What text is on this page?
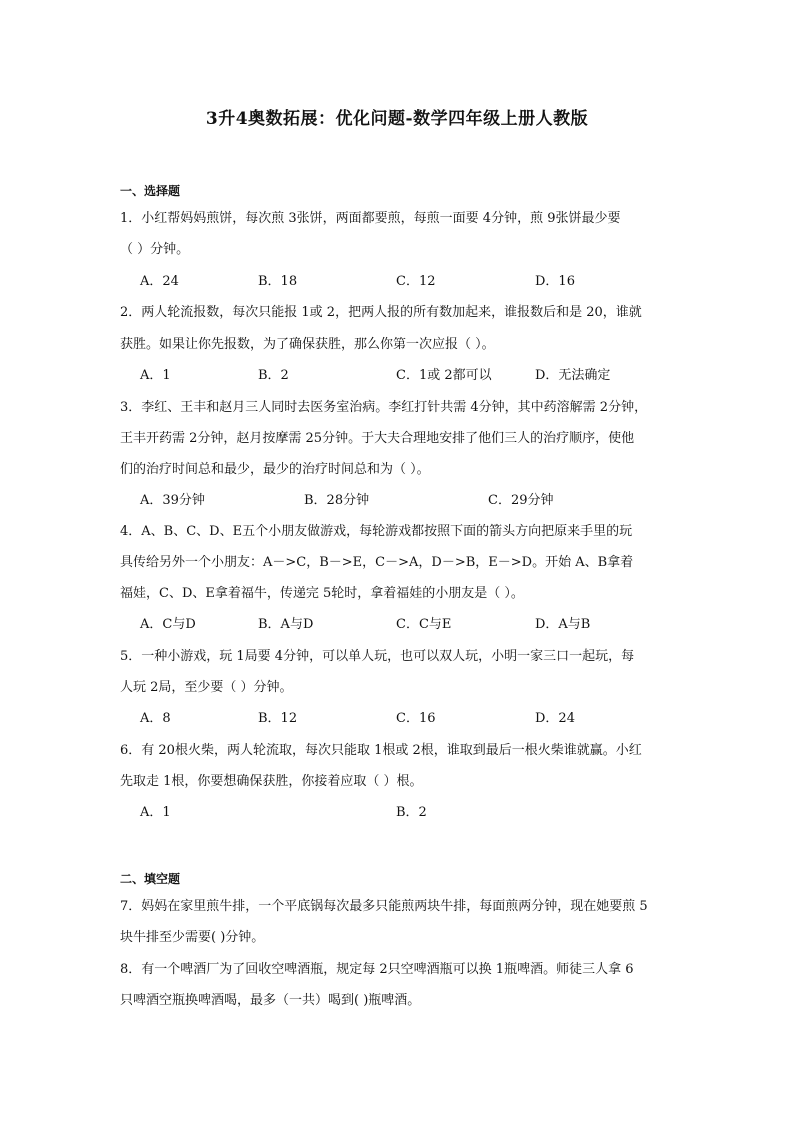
3升4奥数拓展：优化问题-数学四年级上册人教版
一、选择题
1．小红帮妈妈煎饼，每次煎 3张饼，两面都要煎，每煎一面要 4分钟，煎 9张饼最少要
（ ）分钟。
A．24	B．18	C．12	D．16
2．两人轮流报数，每次只能报 1或 2，把两人报的所有数加起来，谁报数后和是 20，谁就
获胜。如果让你先报数，为了确保获胜，那么你第一次应报（ ）。
A．1	B．2	C．1或 2都可以	D．无法确定
3．李红、王丰和赵月三人同时去医务室治病。李红打针共需 4分钟，其中药溶解需 2分钟，
王丰开药需 2分钟，赵月按摩需 25分钟。于大夫合理地安排了他们三人的治疗顺序，使他
们的治疗时间总和最少，最少的治疗时间总和为（ ）。
A．39分钟	B．28分钟	C．29分钟
4．A、B、C、D、E五个小朋友做游戏，每轮游戏都按照下面的箭头方向把原来手里的玩
具传给另外一个小朋友：A－>C，B－>E，C－>A，D－>B，E－>D。开始 A、B拿着
福娃，C、D、E拿着福牛，传递完 5轮时，拿着福娃的小朋友是（ ）。
A．C与D	B．A与D	C．C与E	D．A与B
5．一种小游戏，玩 1局要 4分钟，可以单人玩，也可以双人玩，小明一家三口一起玩，每
人玩 2局，至少要（ ）分钟。
A．8	B．12	C．16	D．24
6．有 20根火柴，两人轮流取，每次只能取 1根或 2根，谁取到最后一根火柴谁就赢。小红
先取走 1根，你要想确保获胜，你接着应取（ ）根。
A．1	B．2
二、填空题
7．妈妈在家里煎牛排，一个平底锅每次最多只能煎两块牛排，每面煎两分钟，现在她要煎 5
块牛排至少需要( )分钟。
8．有一个啤酒厂为了回收空啤酒瓶，规定每 2只空啤酒瓶可以换 1瓶啤酒。师徒三人拿 6
只啤酒空瓶换啤酒喝，最多（一共）喝到( )瓶啤酒。
